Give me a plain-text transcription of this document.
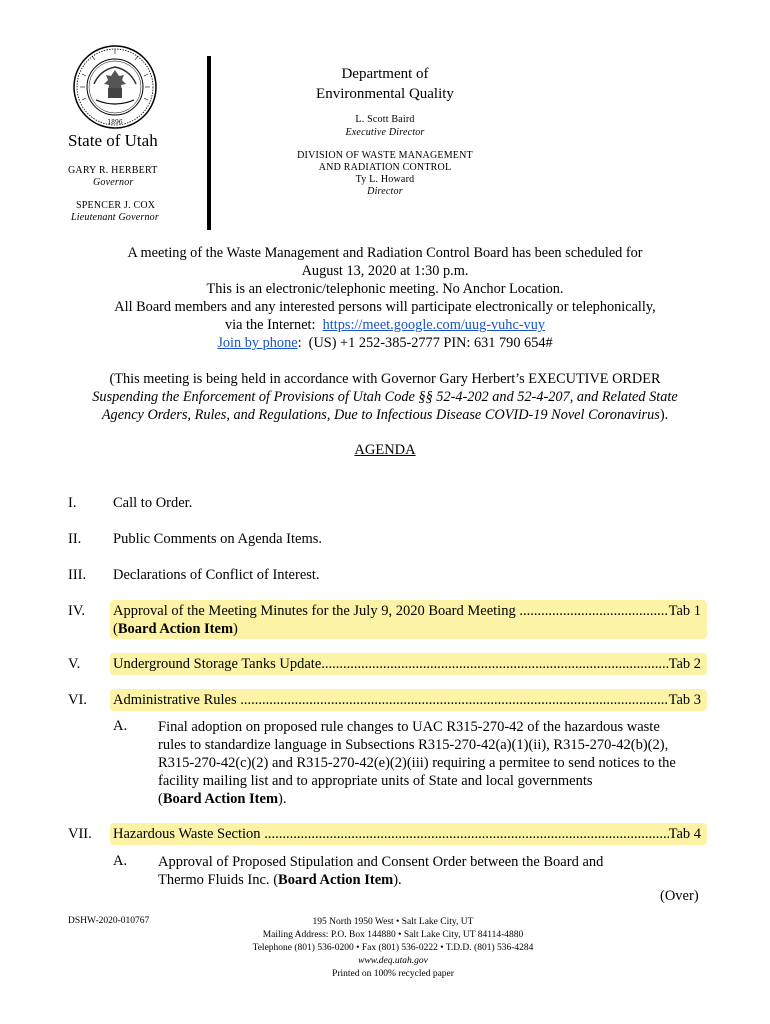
1896
State of Utah
GARY R. HERBERT
Governor
SPENCER J. COX
Lieutenant Governor
Department of
Environmental Quality
L. Scott Baird
Executive Director
DIVISION OF WASTE MANAGEMENT
AND RADIATION CONTROL
Ty L. Howard
Director
A meeting of the Waste Management and Radiation Control Board has been scheduled for
August 13, 2020 at 1:30 p.m.
This is an electronic/telephonic meeting. No Anchor Location.
All Board members and any interested persons will participate electronically or telephonically,
via the Internet:  https://meet.google.com/uug-vuhc-vuy
Join by phone:  (US) +1 252-385-2777 PIN: 631 790 654#
(This meeting is being held in accordance with Governor Gary Herbert’s EXECUTIVE ORDER
Suspending the Enforcement of Provisions of Utah Code §§ 52-4-202 and 52-4-207, and Related State
Agency Orders, Rules, and Regulations, Due to Infectious Disease COVID-19 Novel Coronavirus).
AGENDA
I.	Call to Order.
II. Public Comments on Agenda Items.
III. Declarations of Conflict of Interest.
IV. Approval of the Meeting Minutes for the July 9, 2020 Board Meeting .....	Tab 1
(Board Action Item)
V. Underground Storage Tanks Update .....	Tab 2
VI. Administrative Rules .....	Tab 3
A. Final adoption on proposed rule changes to UAC R315-270-42 of the hazardous waste
rules to standardize language in Subsections R315-270-42(a)(1)(ii), R315-270-42(b)(2),
R315-270-42(c)(2) and R315-270-42(e)(2)(iii) requiring a permitee to send notices to the
facility mailing list and to appropriate units of State and local governments
(Board Action Item).
VII. Hazardous Waste Section .....	Tab 4
A. Approval of Proposed Stipulation and Consent Order between the Board and
Thermo Fluids Inc. (Board Action Item).
(Over)
DSHW-2020-010767	195 North 1950 West • Salt Lake City, UT
Mailing Address: P.O. Box 144880 • Salt Lake City, UT 84114-4880
Telephone (801) 536-0200 • Fax (801) 536-0222 • T.D.D. (801) 536-4284
www.deq.utah.gov
Printed on 100% recycled paper
